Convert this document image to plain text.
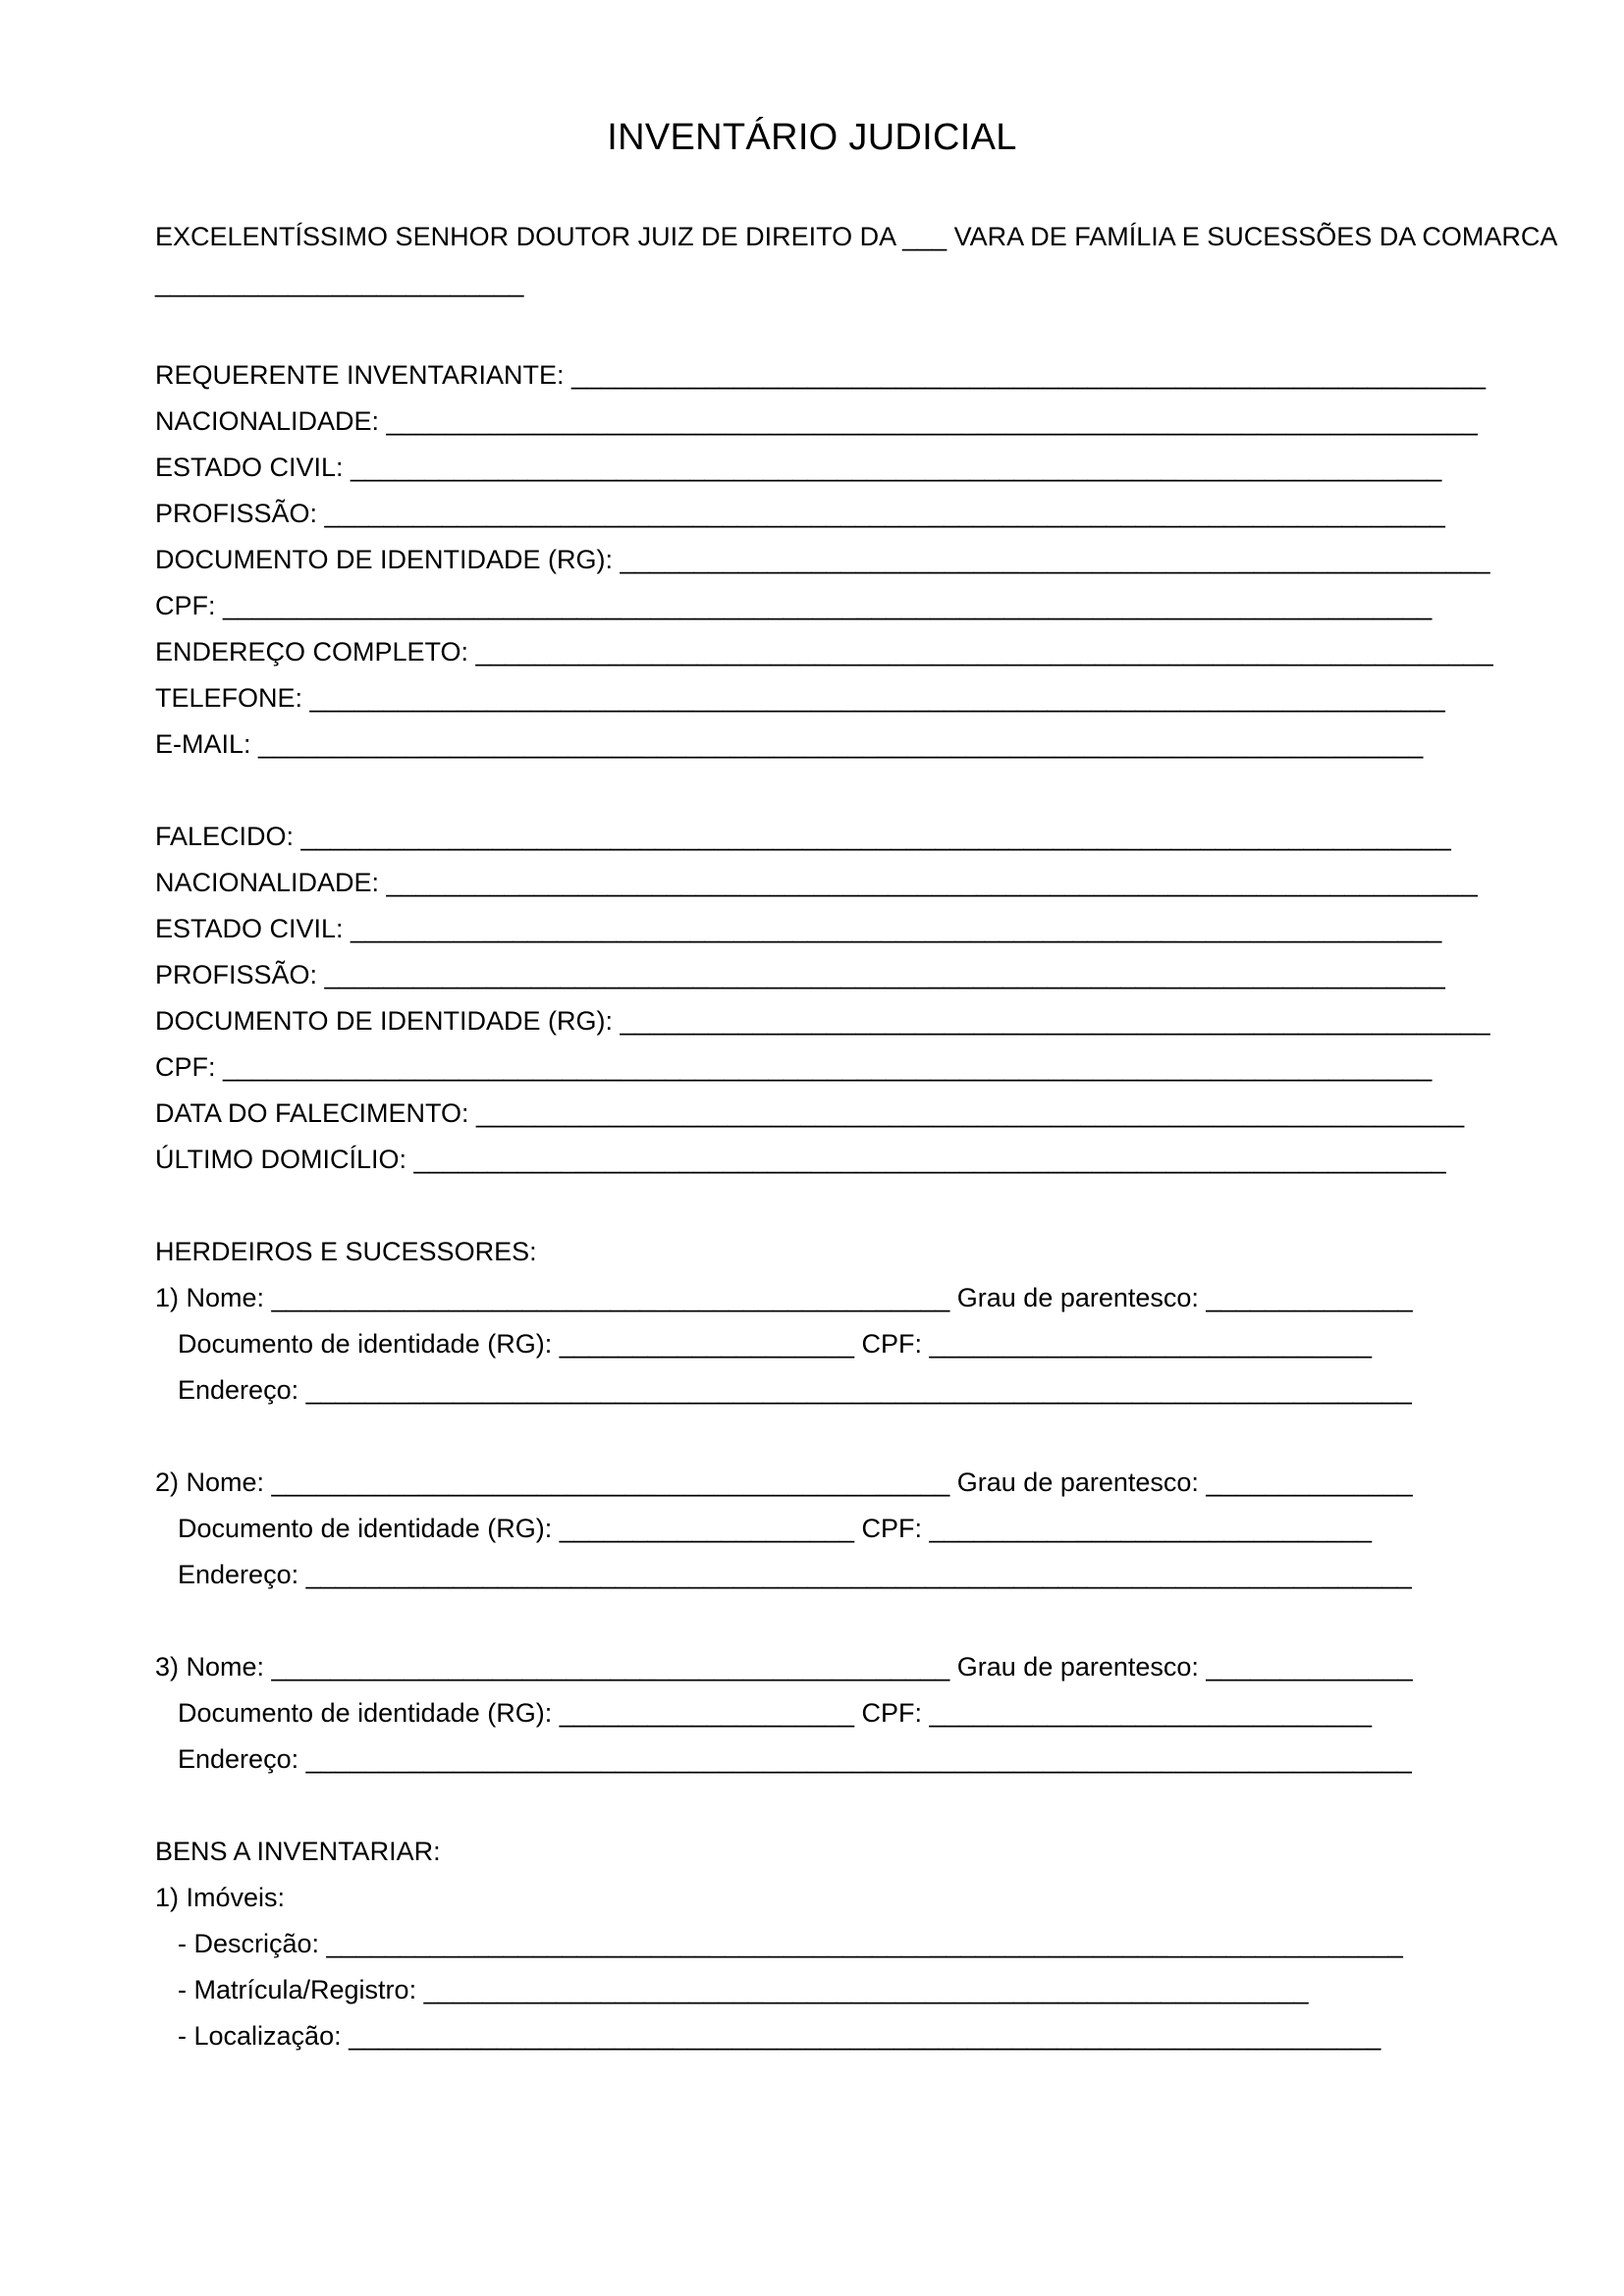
INVENTÁRIO JUDICIAL
EXCELENTÍSSIMO SENHOR DOUTOR JUIZ DE DIREITO DA ___ VARA DE FAMÍLIA E SUCESSÕES DA COMARCA
_________________________
REQUERENTE INVENTARIANTE: ______________________________________________________________
NACIONALIDADE: __________________________________________________________________________
ESTADO CIVIL: __________________________________________________________________________
PROFISSÃO: ____________________________________________________________________________
DOCUMENTO DE IDENTIDADE (RG): ___________________________________________________________
CPF: __________________________________________________________________________________
ENDEREÇO COMPLETO: _____________________________________________________________________
TELEFONE: _____________________________________________________________________________
E-MAIL: _______________________________________________________________________________
FALECIDO: ______________________________________________________________________________
NACIONALIDADE: __________________________________________________________________________
ESTADO CIVIL: __________________________________________________________________________
PROFISSÃO: ____________________________________________________________________________
DOCUMENTO DE IDENTIDADE (RG): ___________________________________________________________
CPF: __________________________________________________________________________________
DATA DO FALECIMENTO: ___________________________________________________________________
ÚLTIMO DOMICÍLIO: ______________________________________________________________________
HERDEIROS E SUCESSORES:
1) Nome: ______________________________________________ Grau de parentesco: ______________
Documento de identidade (RG): ____________________ CPF: ______________________________
Endereço: ___________________________________________________________________________
2) Nome: ______________________________________________ Grau de parentesco: ______________
Documento de identidade (RG): ____________________ CPF: ______________________________
Endereço: ___________________________________________________________________________
3) Nome: ______________________________________________ Grau de parentesco: ______________
Documento de identidade (RG): ____________________ CPF: ______________________________
Endereço: ___________________________________________________________________________
BENS A INVENTARIAR:
1) Imóveis:
- Descrição: _________________________________________________________________________
- Matrícula/Registro: ____________________________________________________________
- Localização: ______________________________________________________________________
